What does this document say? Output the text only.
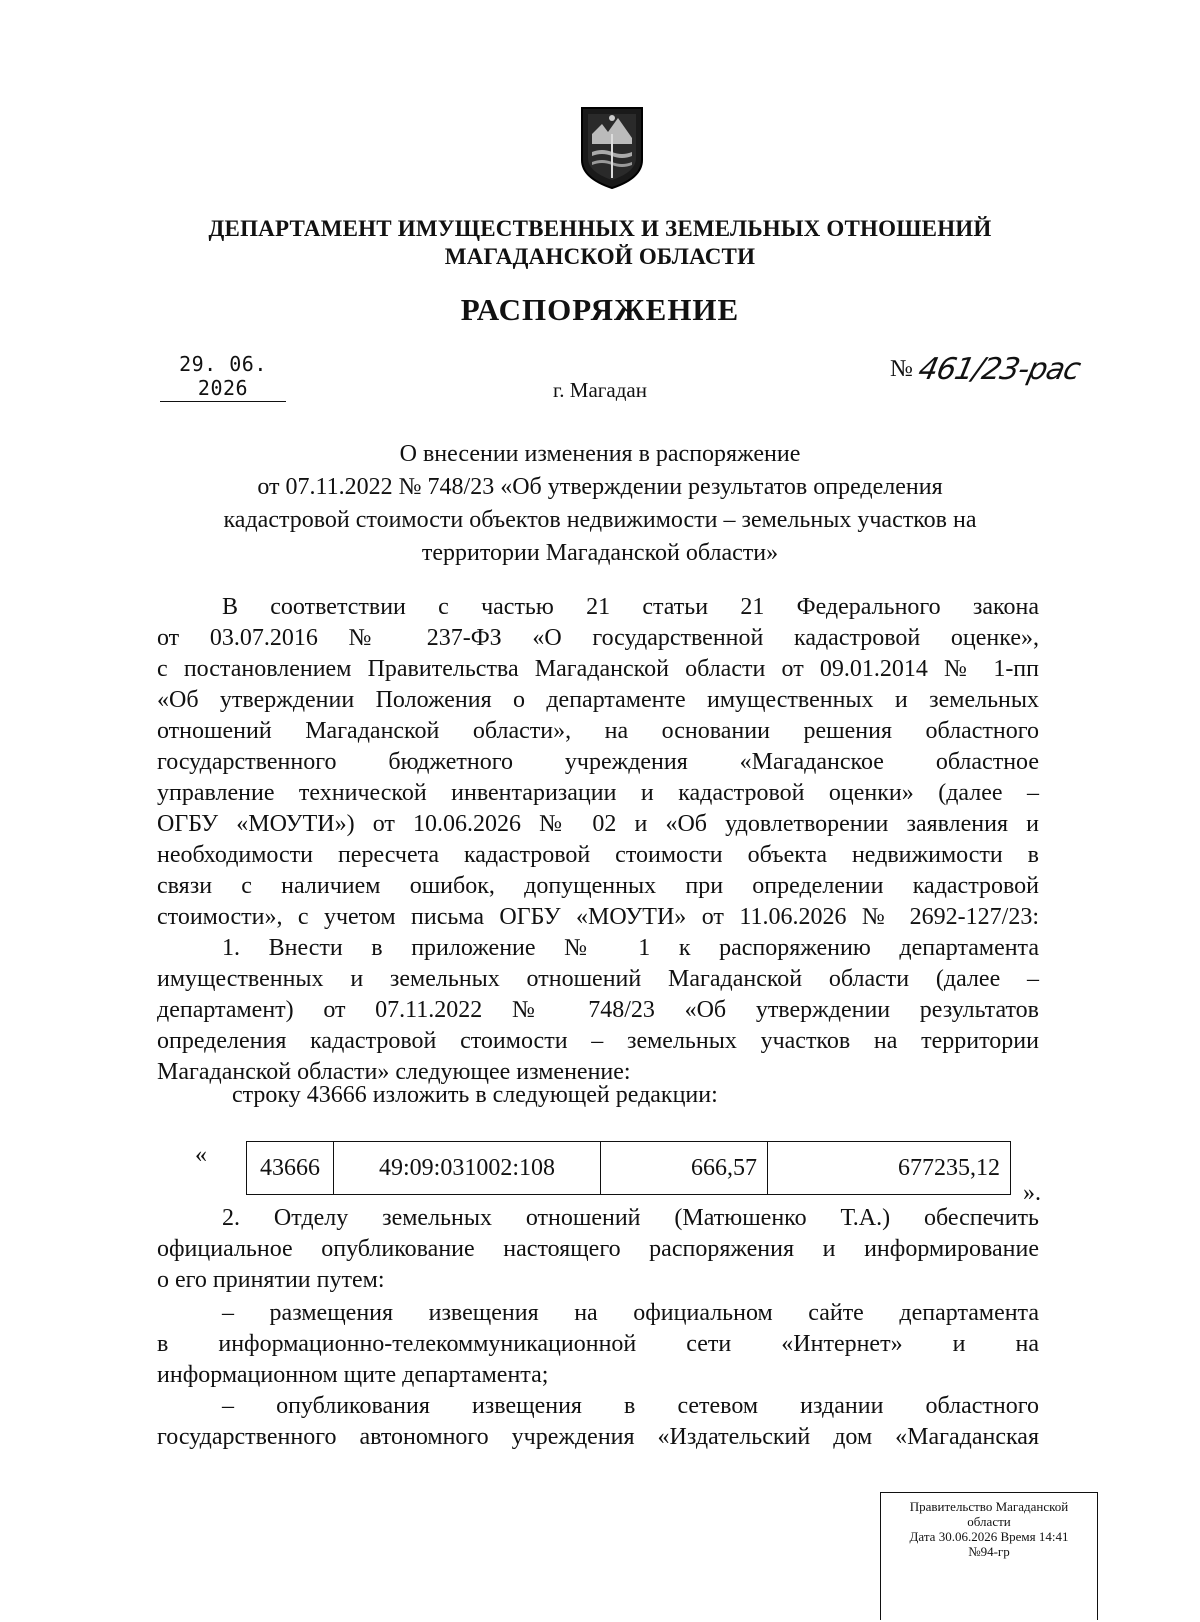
ДЕПАРТАМЕНТ ИМУЩЕСТВЕННЫХ И ЗЕМЕЛЬНЫХ ОТНОШЕНИЙ
МАГАДАНСКОЙ ОБЛАСТИ
РАСПОРЯЖЕНИЕ
29. 06. 2026
№461/23-рас
г. Магадан
О внесении изменения в распоряжение
от 07.11.2022 № 748/23 «Об утверждении результатов определения
кадастровой стоимости объектов недвижимости – земельных участков на
территории Магаданской области»
В соответствии с частью 21 статьи 21 Федерального закона
от 03.07.2016 № 237-ФЗ «О государственной кадастровой оценке»,
с постановлением Правительства Магаданской области от 09.01.2014 № 1-пп
«Об утверждении Положения о департаменте имущественных и земельных
отношений Магаданской области», на основании решения областного
государственного бюджетного учреждения «Магаданское областное
управление технической инвентаризации и кадастровой оценки» (далее –
ОГБУ «МОУТИ») от 10.06.2026 № 02 и «Об удовлетворении заявления и
необходимости пересчета кадастровой стоимости объекта недвижимости в
связи с наличием ошибок, допущенных при определении кадастровой
стоимости», с учетом письма ОГБУ «МОУТИ» от 11.06.2026 № 2692-127/23:
1. Внести в приложение № 1 к распоряжению департамента
имущественных и земельных отношений Магаданской области (далее –
департамент) от 07.11.2022 № 748/23 «Об утверждении результатов
определения кадастровой стоимости – земельных участков на территории
Магаданской области» следующее изменение:
строку 43666 изложить в следующей редакции:
« 43666	49:09:031002:108	666,57	677235,12
».
2. Отделу земельных отношений (Матюшенко Т.А.) обеспечить
официальное опубликование настоящего распоряжения и информирование
о его принятии путем:
– размещения извещения на официальном сайте департамента
в информационно-телекоммуникационной сети «Интернет» и на
информационном щите департамента;
– опубликования извещения в сетевом издании областного
государственного автономного учреждения «Издательский дом «Магаданская
Правительство Магаданской
области
Дата 30.06.2026 Время 14:41
№94-гр
